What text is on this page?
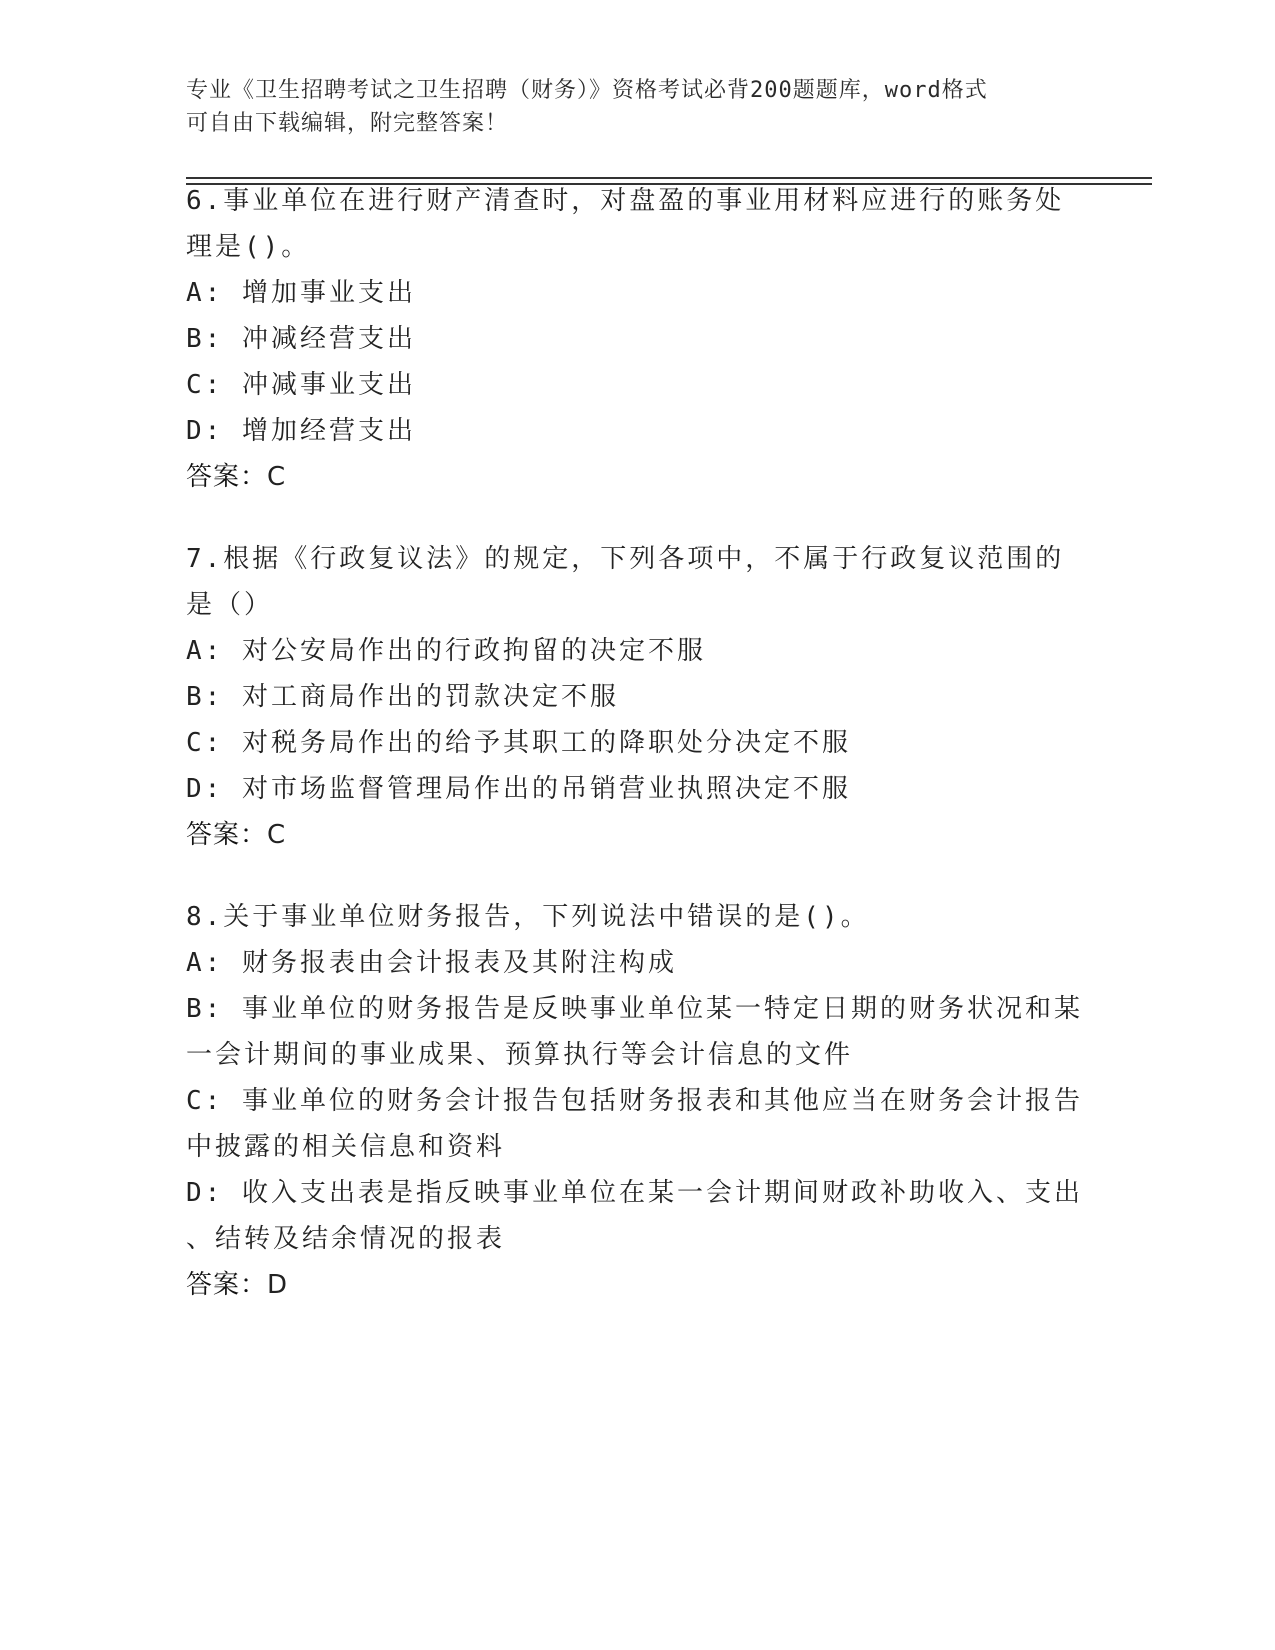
专业《卫生招聘考试之卫生招聘（财务）》资格考试必背200题题库，word格式
可自由下载编辑，附完整答案！
6.事业单位在进行财产清查时，对盘盈的事业用材料应进行的账务处
理是()。
A: 增加事业支出
B: 冲减经营支出
C: 冲减事业支出
D: 增加经营支出
答案：C
7.根据《行政复议法》的规定，下列各项中，不属于行政复议范围的
是（）
A: 对公安局作出的行政拘留的决定不服
B: 对工商局作出的罚款决定不服
C: 对税务局作出的给予其职工的降职处分决定不服
D: 对市场监督管理局作出的吊销营业执照决定不服
答案：C
8.关于事业单位财务报告，下列说法中错误的是()。
A: 财务报表由会计报表及其附注构成
B: 事业单位的财务报告是反映事业单位某一特定日期的财务状况和某
一会计期间的事业成果、预算执行等会计信息的文件
C: 事业单位的财务会计报告包括财务报表和其他应当在财务会计报告
中披露的相关信息和资料
D: 收入支出表是指反映事业单位在某一会计期间财政补助收入、支出
、结转及结余情况的报表
答案：D
